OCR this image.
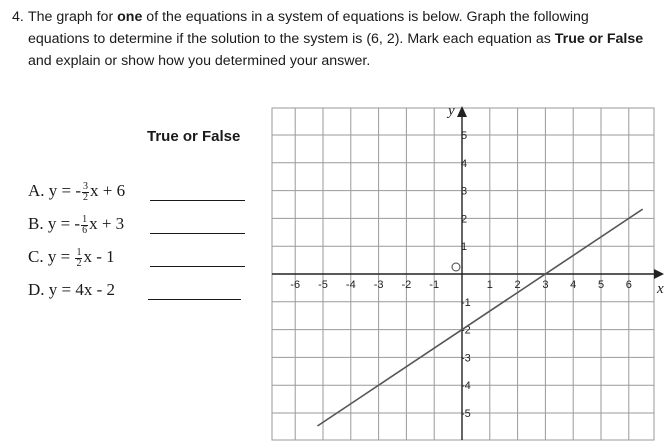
4. The graph for one of the equations in a system of equations is below. Graph the following equations to determine if the solution to the system is (6, 2). Mark each equation as True or False and explain or show how you determined your answer.
True or False
A. y = - $\frac{3}{2}$ x + 6
B. y = - $\frac{1}{6}$ x + 3
C. $y = \frac{1}{2}$ x - 1
D. y = 4x - 2	x
y
-6 -5 -4 -3 -2 -1	1 2 3 4 5 6
5
4
3
2
1
-1
-2
-3
-4
-5
